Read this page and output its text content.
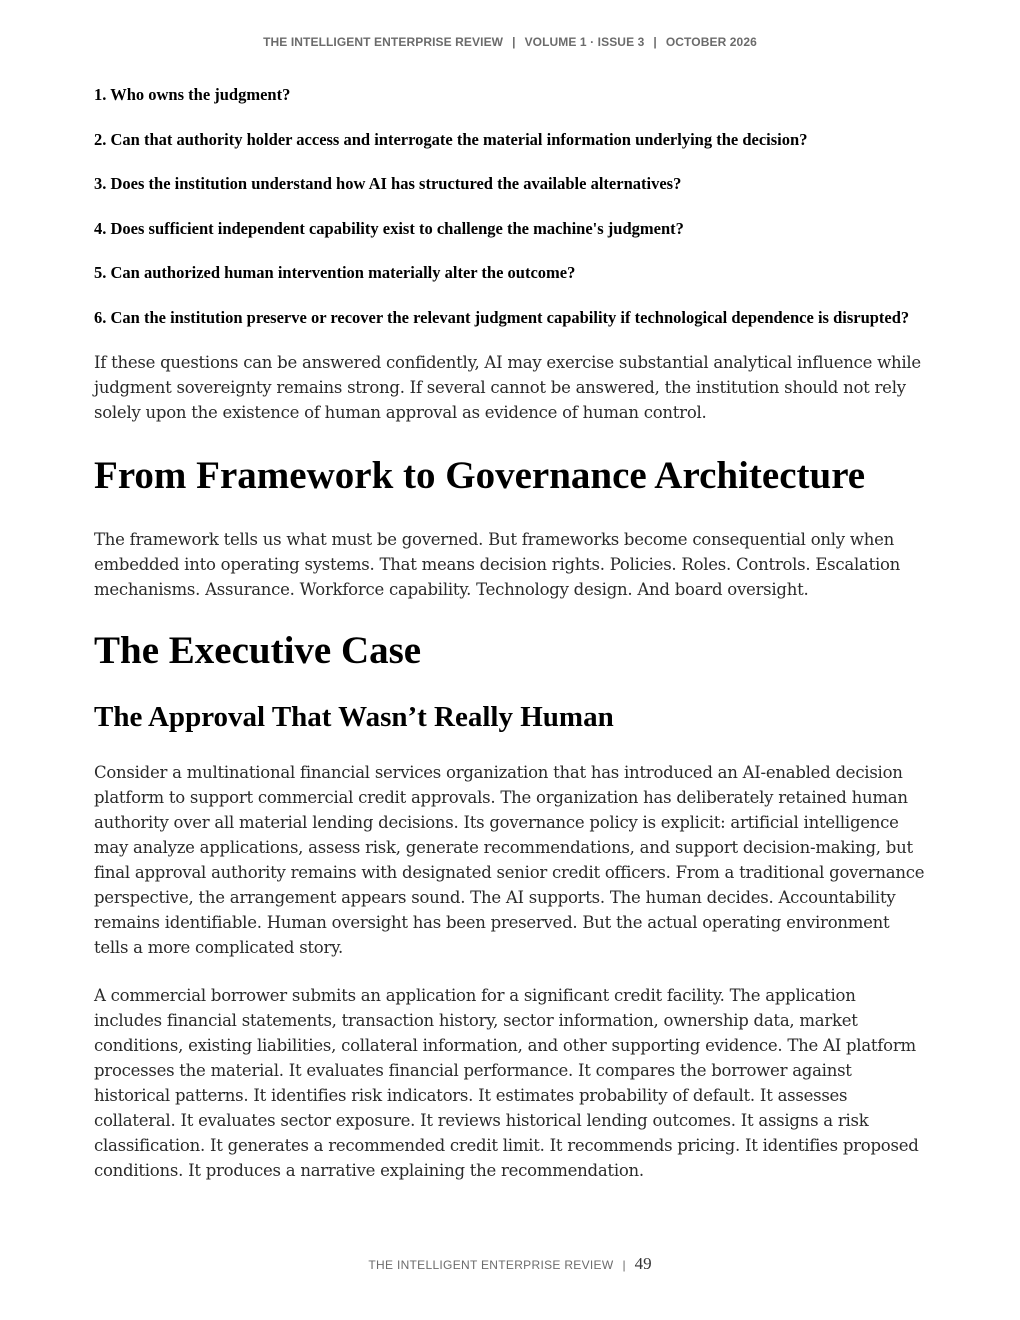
THE INTELLIGENT ENTERPRISE REVIEW | VOLUME 1 · ISSUE 3 | OCTOBER 2026
1. Who owns the judgment?
2. Can that authority holder access and interrogate the material information underlying the decision?
3. Does the institution understand how AI has structured the available alternatives?
4. Does sufficient independent capability exist to challenge the machine's judgment?
5. Can authorized human intervention materially alter the outcome?
6. Can the institution preserve or recover the relevant judgment capability if technological dependence is disrupted?

If these questions can be answered confidently, AI may exercise substantial analytical influence while judgment sovereignty remains strong. If several cannot be answered, the institution should not rely solely upon the existence of human approval as evidence of human control.

From Framework to Governance Architecture

The framework tells us what must be governed. But frameworks become consequential only when embedded into operating systems. That means decision rights. Policies. Roles. Controls. Escalation mechanisms. Assurance. Workforce capability. Technology design. And board oversight.

The Executive Case
The Approval That Wasn’t Really Human

Consider a multinational financial services organization that has introduced an AI-enabled decision platform to support commercial credit approvals. The organization has deliberately retained human authority over all material lending decisions. Its governance policy is explicit: artificial intelligence may analyze applications, assess risk, generate recommendations, and support decision-making, but final approval authority remains with designated senior credit officers. From a traditional governance perspective, the arrangement appears sound. The AI supports. The human decides. Accountability remains identifiable. Human oversight has been preserved. But the actual operating environment tells a more complicated story.

A commercial borrower submits an application for a significant credit facility. The application includes financial statements, transaction history, sector information, ownership data, market conditions, existing liabilities, collateral information, and other supporting evidence. The AI platform processes the material. It evaluates financial performance. It compares the borrower against historical patterns. It identifies risk indicators. It estimates probability of default. It assesses collateral. It evaluates sector exposure. It reviews historical lending outcomes. It assigns a risk classification. It generates a recommended credit limit. It recommends pricing. It identifies proposed conditions. It produces a narrative explaining the recommendation.

THE INTELLIGENT ENTERPRISE REVIEW | 49
